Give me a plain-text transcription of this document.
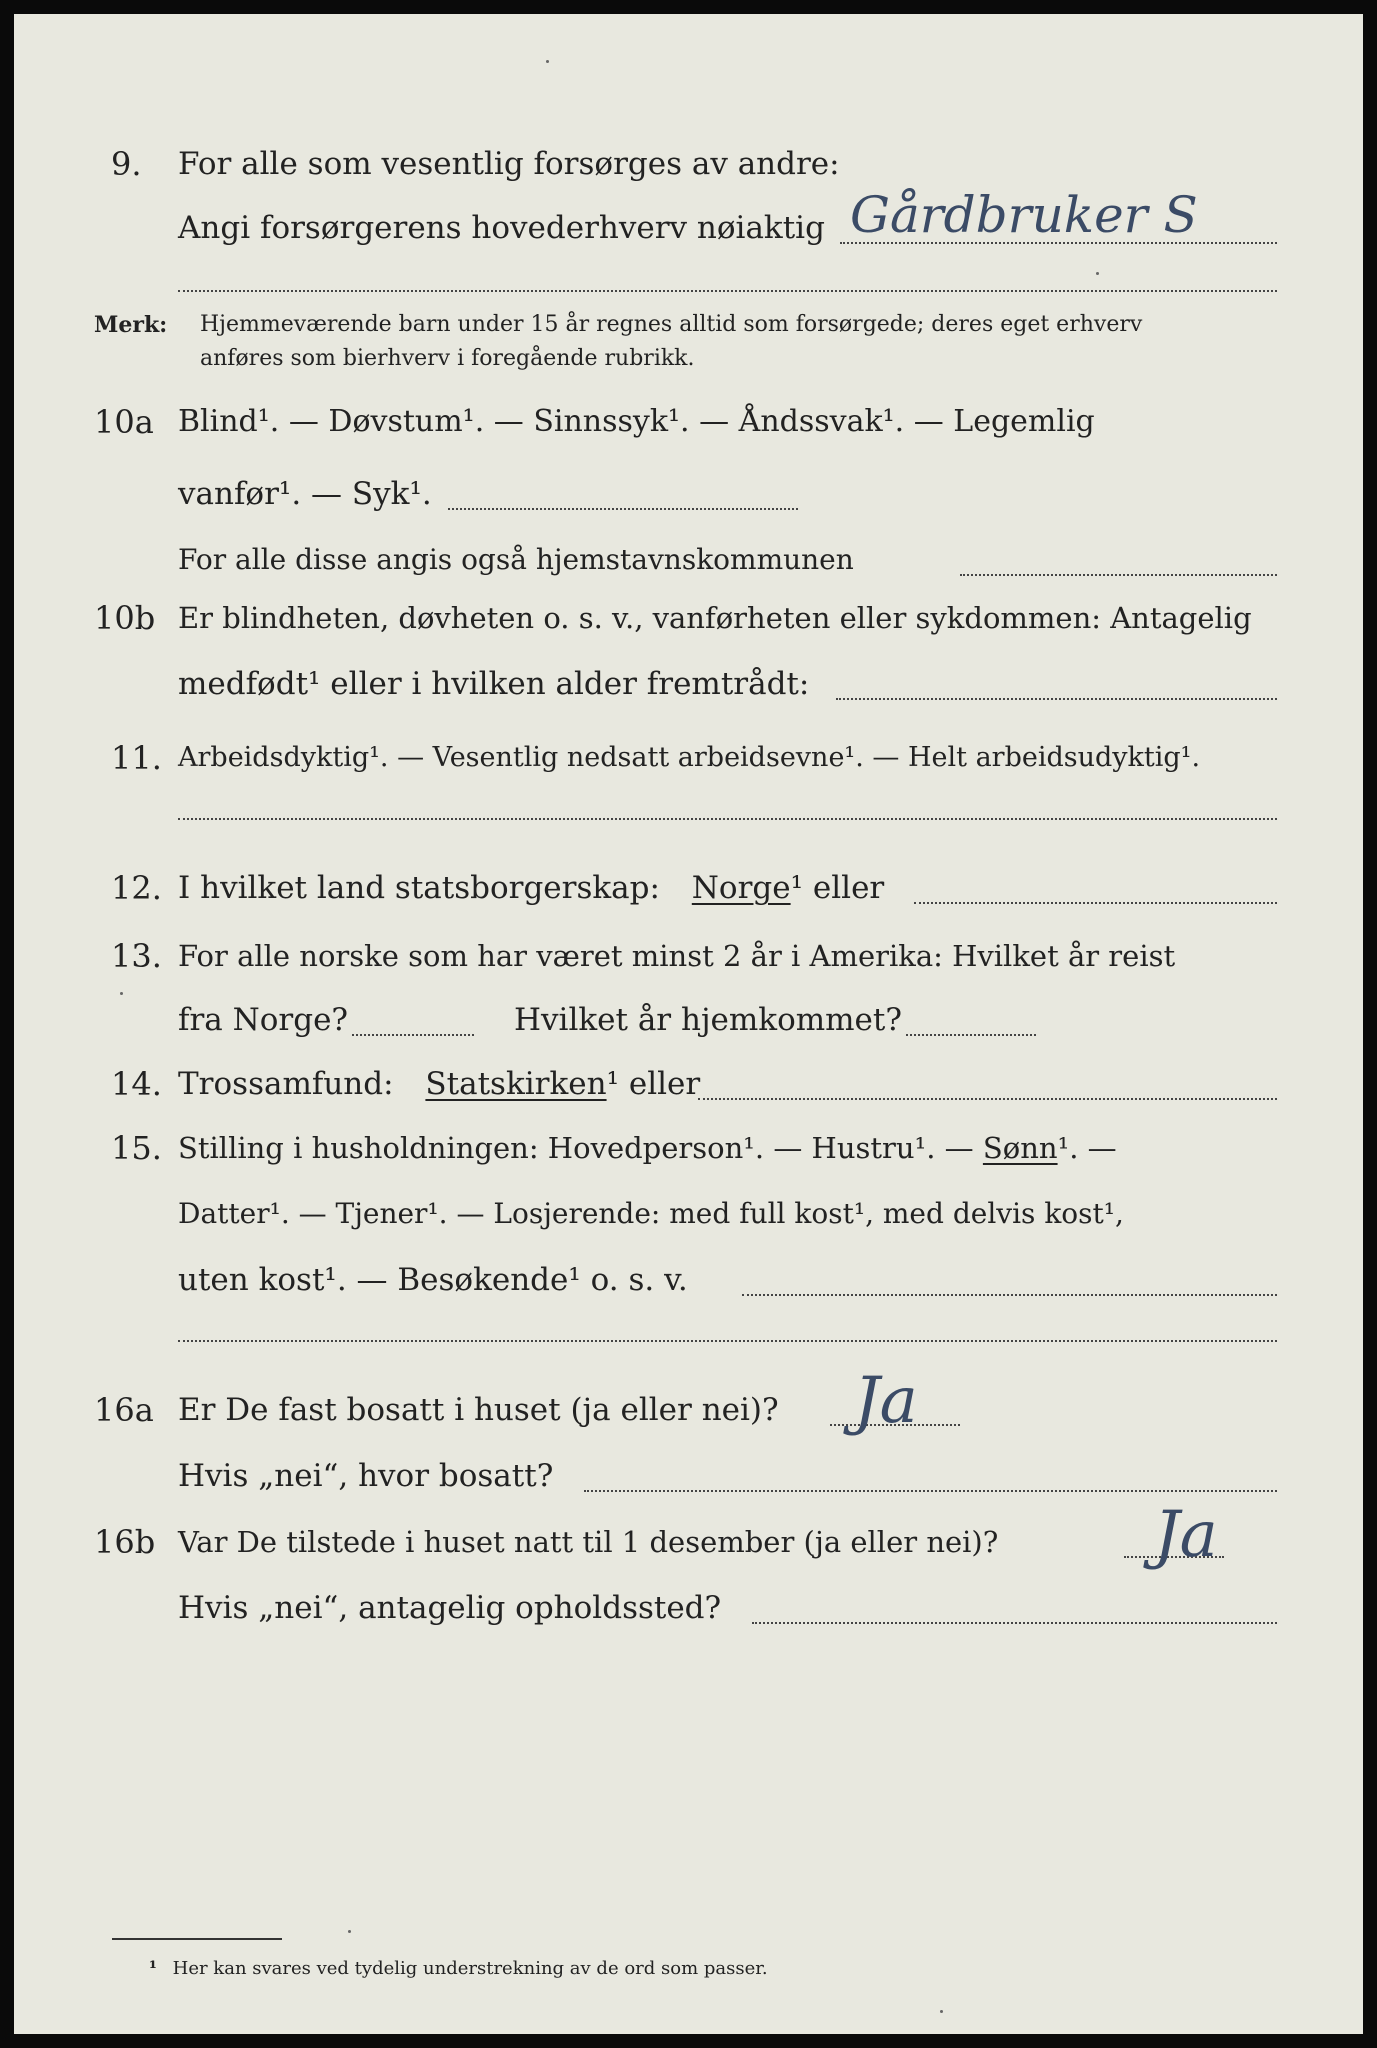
9. For alle som vesentlig forsørges av andre:
Angi forsørgerens hovederhverv nøiaktig Gårdbruker S
Merk: Hjemmeværende barn under 15 år regnes alltid som forsørgede; deres eget erhverv
anføres som bierhverv i foregående rubrikk.
10a Blind¹. — Døvstum¹. — Sinnssyk¹. — Åndssvak¹. — Legemlig
vanfør¹. — Syk¹.
For alle disse angis også hjemstavnskommunen
10b Er blindheten, døvheten o. s. v., vanførheten eller sykdommen: Antagelig
medfødt¹ eller i hvilken alder fremtrådt:
11. Arbeidsdyktig¹. — Vesentlig nedsatt arbeidsevne¹. — Helt arbeidsudyktig¹.
12. I hvilket land statsborgerskap: Norge¹ eller
13. For alle norske som har været minst 2 år i Amerika: Hvilket år reist
fra Norge?	Hvilket år hjemkommet?
14. Trossamfund: Statskirken¹ eller
15. Stilling i husholdningen: Hovedperson¹. — Hustru¹. — Sønn¹. —
Datter¹. — Tjener¹. — Losjerende: med full kost¹, med delvis kost¹,
uten kost¹. — Besøkende¹ o. s. v.
16a Er De fast bosatt i huset (ja eller nei)? Ja
Hvis „nei“, hvor bosatt?
16b Var De tilstede i huset natt til 1 desember (ja eller nei)? Ja
Hvis „nei“, antagelig opholdssted?
¹ Her kan svares ved tydelig understrekning av de ord som passer.
